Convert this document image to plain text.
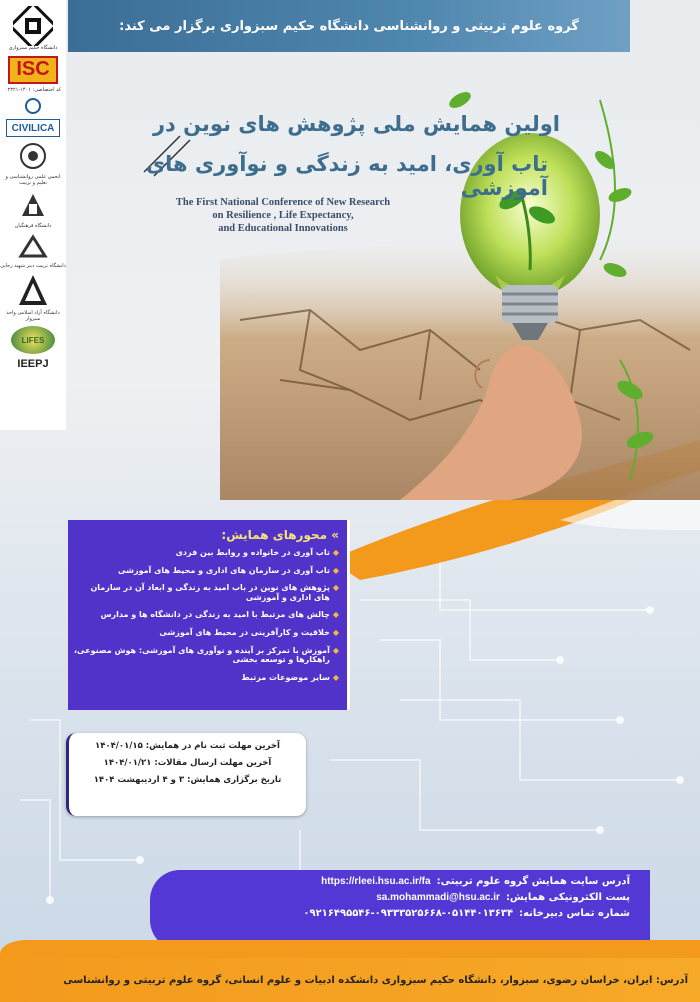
گروه علوم تربیتی و روانشناسی دانشگاه حکیم سبزواری برگزار می کند:
دانشگاه حکیم سبزواری
ISC
کد اختصاصی: ۱۴۰۱-۰۲۳۲۱
CIVILICA
انجمن علمی روانشناسی و تعلیم و تربیت
دانشگاه فرهنگیان
دانشگاه تربیت دبیر شهید رجایی
دانشگاه آزاد اسلامی واحد سبزوار
LIFES
IEEPJ
اولین همایش ملی پژوهش های نوین در
تاب آوری، امید به زندگی و نوآوری های آموزشی
The First National Conference of New Research
on Resilience , Life Expectancy,
and Educational Innovations
» محورهای همایش:
◆
تاب آوری در خانواده و روابط بین فردی
◆
تاب آوری در سازمان های اداری و محیط های آموزشی
◆
پژوهش های نوین در باب امید به زندگی و ابعاد آن در سازمان های اداری و آموزشی
◆
چالش های مرتبط با امید به زندگی در دانشگاه ها و مدارس
◆
خلاقیت و کارآفرینی در محیط های آموزشی
◆
آموزش با تمرکز بر آینده و نوآوری های آموزشی: هوش مصنوعی، راهکارها و توسعه بخشی
◆
سایر موضوعات مرتبط
آخرین مهلت ثبت نام در همایش: ۱۴۰۴/۰۱/۱۵
آخرین مهلت ارسال مقالات: ۱۴۰۴/۰۱/۲۱
تاریخ برگزاری همایش: ۳ و ۴ اردیبهشت ۱۴۰۴
آدرس سایت همایش گروه علوم تربیتی:
https://rleei.hsu.ac.ir/fa
پست الکترونیکی همایش:
sa.mohammadi@hsu.ac.ir
شماره تماس دبیرخانه:
۰۹۲۱۶۴۹۵۵۴۶-۰۹۳۳۳۵۲۵۶۶۸-۰۵۱۴۴۰۱۳۶۳۴
آدرس: ایران، خراسان رضوی، سبزوار، دانشگاه حکیم سبزواری دانشکده ادبیات و علوم انسانی، گروه علوم تربیتی و روانشناسی
